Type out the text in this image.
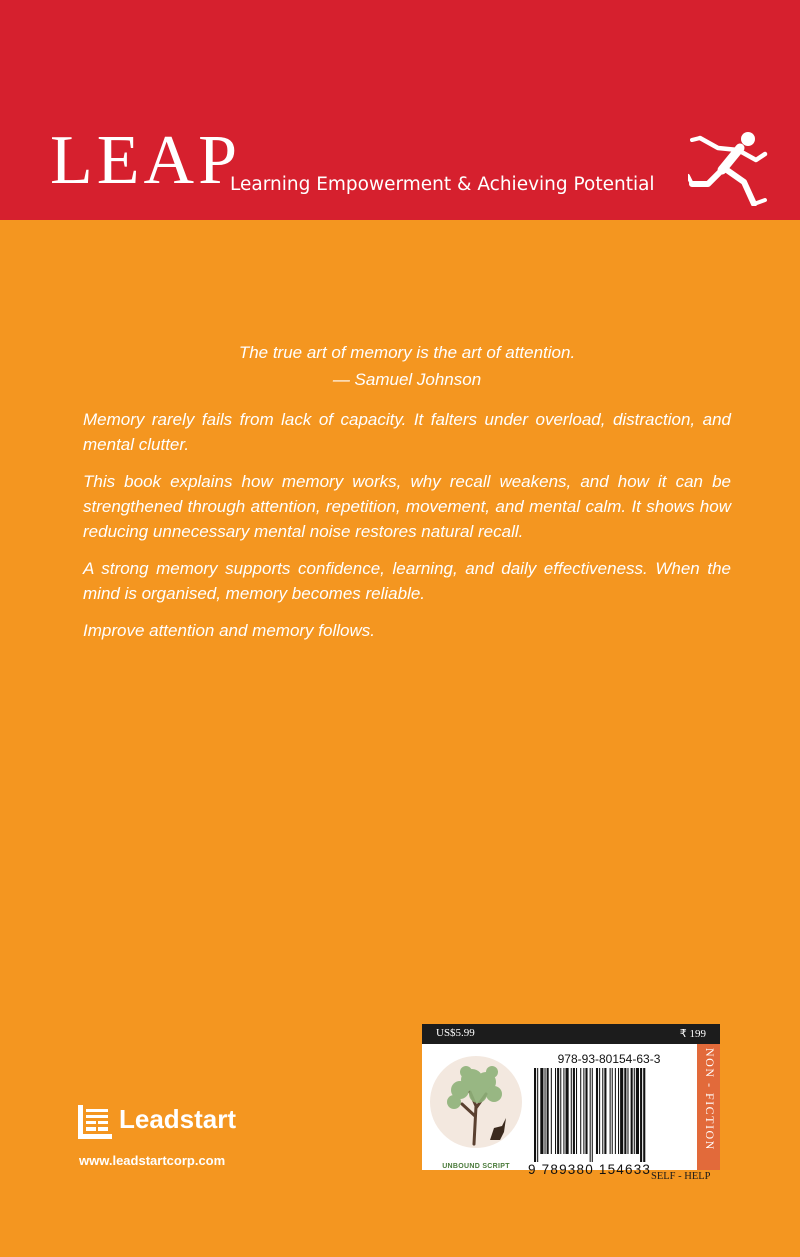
LEAP
Learning Empowerment & Achieving Potential

The true art of memory is the art of attention.

— Samuel Johnson

Memory rarely fails from lack of capacity. It falters under overload, distraction, and mental clutter.

This book explains how memory works, why recall weakens, and how it can be strengthened through attention, repetition, movement, and mental calm. It shows how reducing unnecessary mental noise restores natural recall.

A strong memory supports confidence, learning, and daily effectiveness. When the mind is organised, memory becomes reliable.

Improve attention and memory follows.

US$5.99	₹ 199
UNBOUND SCRIPT
978-93-80154-63-3
9 789380 154633
NON - FICTION
SELF - HELP
Leadstart
www.leadstartcorp.com
